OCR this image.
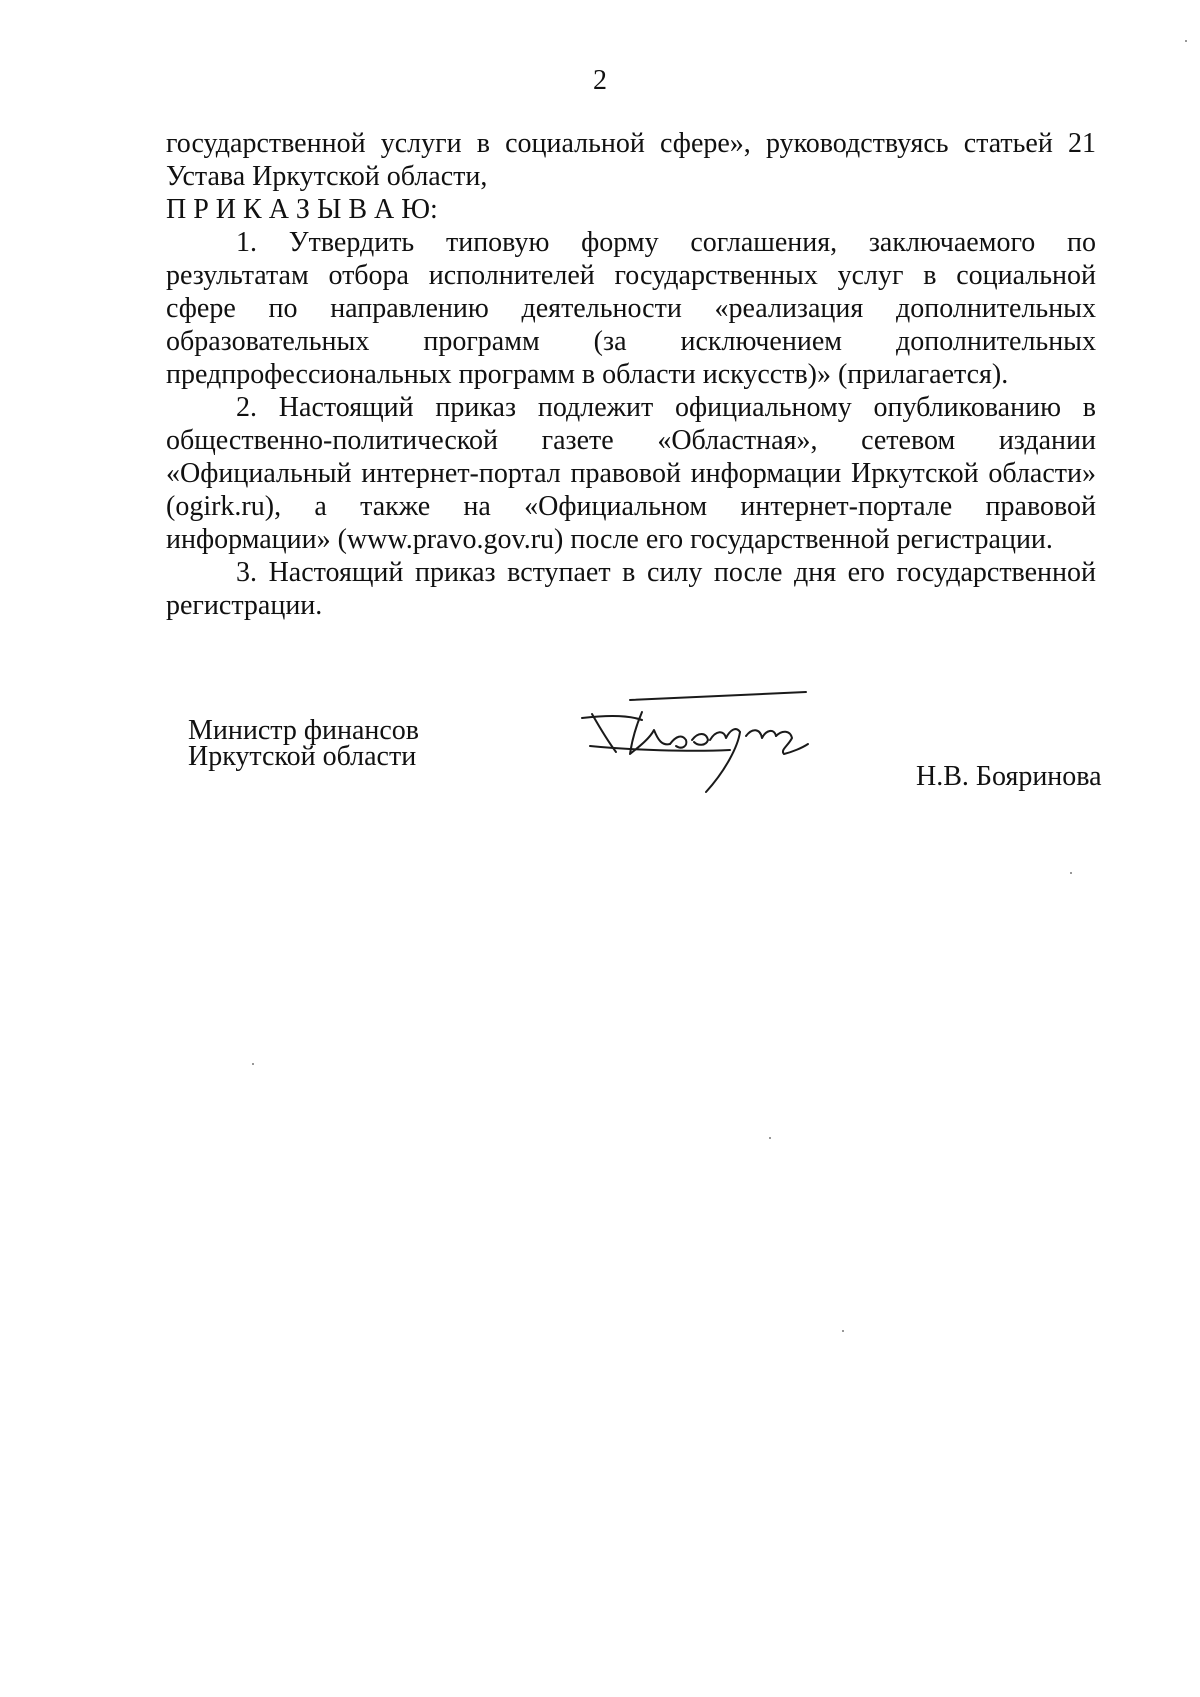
2

государственной услуги в социальной сфере», руководствуясь статьей 21 Устава Иркутской области,

П Р И К А З Ы В А Ю:

1. Утвердить типовую форму соглашения, заключаемого по результатам отбора исполнителей государственных услуг в социальной сфере по направлению деятельности «реализация дополнительных образовательных программ (за исключением дополнительных предпрофессиональных программ в области искусств)» (прилагается).

2. Настоящий приказ подлежит официальному опубликованию в общественно-политической газете «Областная», сетевом издании «Официальный интернет-портал правовой информации Иркутской области» (ogirk.ru), а также на «Официальном интернет-портале правовой информации» (www.pravo.gov.ru) после его государственной регистрации.

3. Настоящий приказ вступает в силу после дня его государственной регистрации.

Министр финансов
Иркутской области
Н.В. Бояринова
